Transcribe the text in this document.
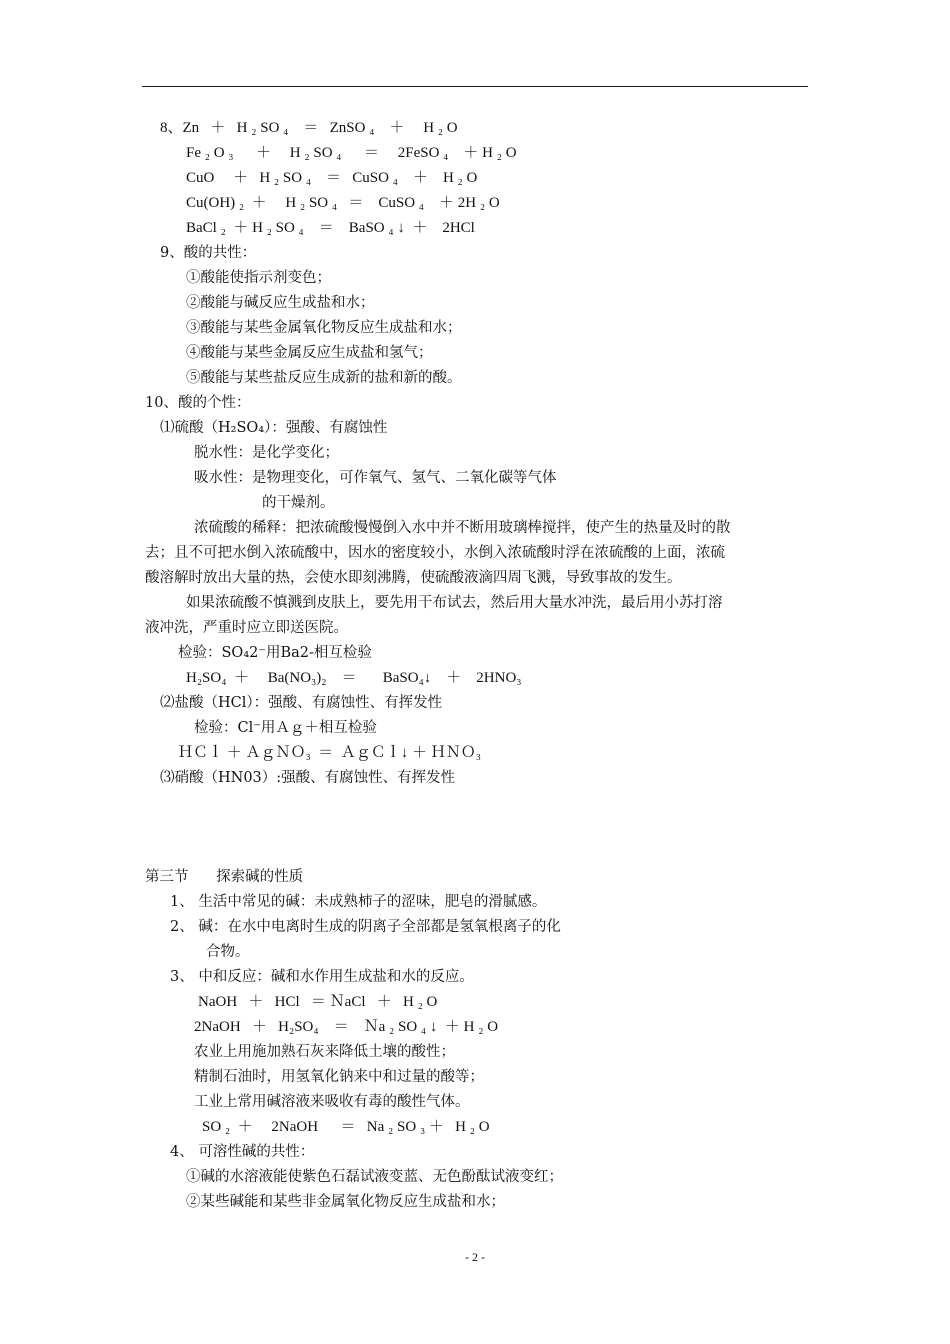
8、Zn   ＋   H ₂ SO ₄    ＝   ZnSO ₄    ＋     H ₂ O
Fe ₂ O ₃      ＋     H ₂ SO ₄      ＝     2FeSO ₄    ＋ H ₂ O
CuO     ＋   H ₂ SO ₄    ＝   CuSO ₄    ＋    H ₂ O
Cu(OH) ₂  ＋     H ₂ SO ₄   ＝    CuSO ₄    ＋ 2H ₂ O
BaCl ₂  ＋ H ₂ SO ₄    ＝    BaSO ₄ ↓  ＋    2HCl
9、酸的共性：
①酸能使指示剂变色；
②酸能与碱反应生成盐和水；
③酸能与某些金属氧化物反应生成盐和水；
④酸能与某些金属反应生成盐和氢气；
⑤酸能与某些盐反应生成新的盐和新的酸。
10、酸的个性：
⑴硫酸（H₂SO₄）：强酸、有腐蚀性
脱水性：是化学变化；
吸水性：是物理变化，可作氧气、氢气、二氧化碳等气体
的干燥剂。
浓硫酸的稀释：把浓硫酸慢慢倒入水中并不断用玻璃棒搅拌，使产生的热量及时的散
去；且不可把水倒入浓硫酸中，因水的密度较小，水倒入浓硫酸时浮在浓硫酸的上面，浓硫
酸溶解时放出大量的热，会使水即刻沸腾，使硫酸液滴四周飞溅，导致事故的发生。
如果浓硫酸不慎溅到皮肤上，要先用干布试去，然后用大量水冲洗，最后用小苏打溶
液冲洗，严重时应立即送医院。
检验：SO₄2⁻用Ba2-相互检验
H₂SO₄  ＋     Ba(NO₃)₂    ＝       BaSO₄↓    ＋    2HNO₃
⑵盐酸（HCl）：强酸、有腐蚀性、有挥发性
检验：Cl⁻用Ａｇ＋相互检验
ＨＣｌ ＋ ＡｇＮＯ₃  ＝  ＡｇＣｌ↓ ＋ ＨＮＯ₃
⑶硝酸（HN03）:强酸、有腐蚀性、有挥发性
第三节      探索碱的性质
1、 生活中常见的碱：未成熟柿子的涩味，肥皂的滑腻感。
2、 碱：在水中电离时生成的阴离子全部都是氢氧根离子的化
合物。
3、 中和反应：碱和水作用生成盐和水的反应。
NaOH   ＋   HCl   ＝ ＮaCl   ＋   H ₂ O
2NaOH   ＋   H₂SO₄    ＝    Ｎa ₂ SO ₄ ↓  ＋ H ₂ O
农业上用施加熟石灰来降低土壤的酸性；
精制石油时，用氢氧化钠来中和过量的酸等；
工业上常用碱溶液来吸收有毒的酸性气体。
SO ₂  ＋     2NaOH      ＝   Na ₂ SO ₃ ＋   H ₂ O
4、 可溶性碱的共性：
①碱的水溶液能使紫色石磊试液变蓝、无色酚酞试液变红；
②某些碱能和某些非金属氧化物反应生成盐和水；
- 2 -
